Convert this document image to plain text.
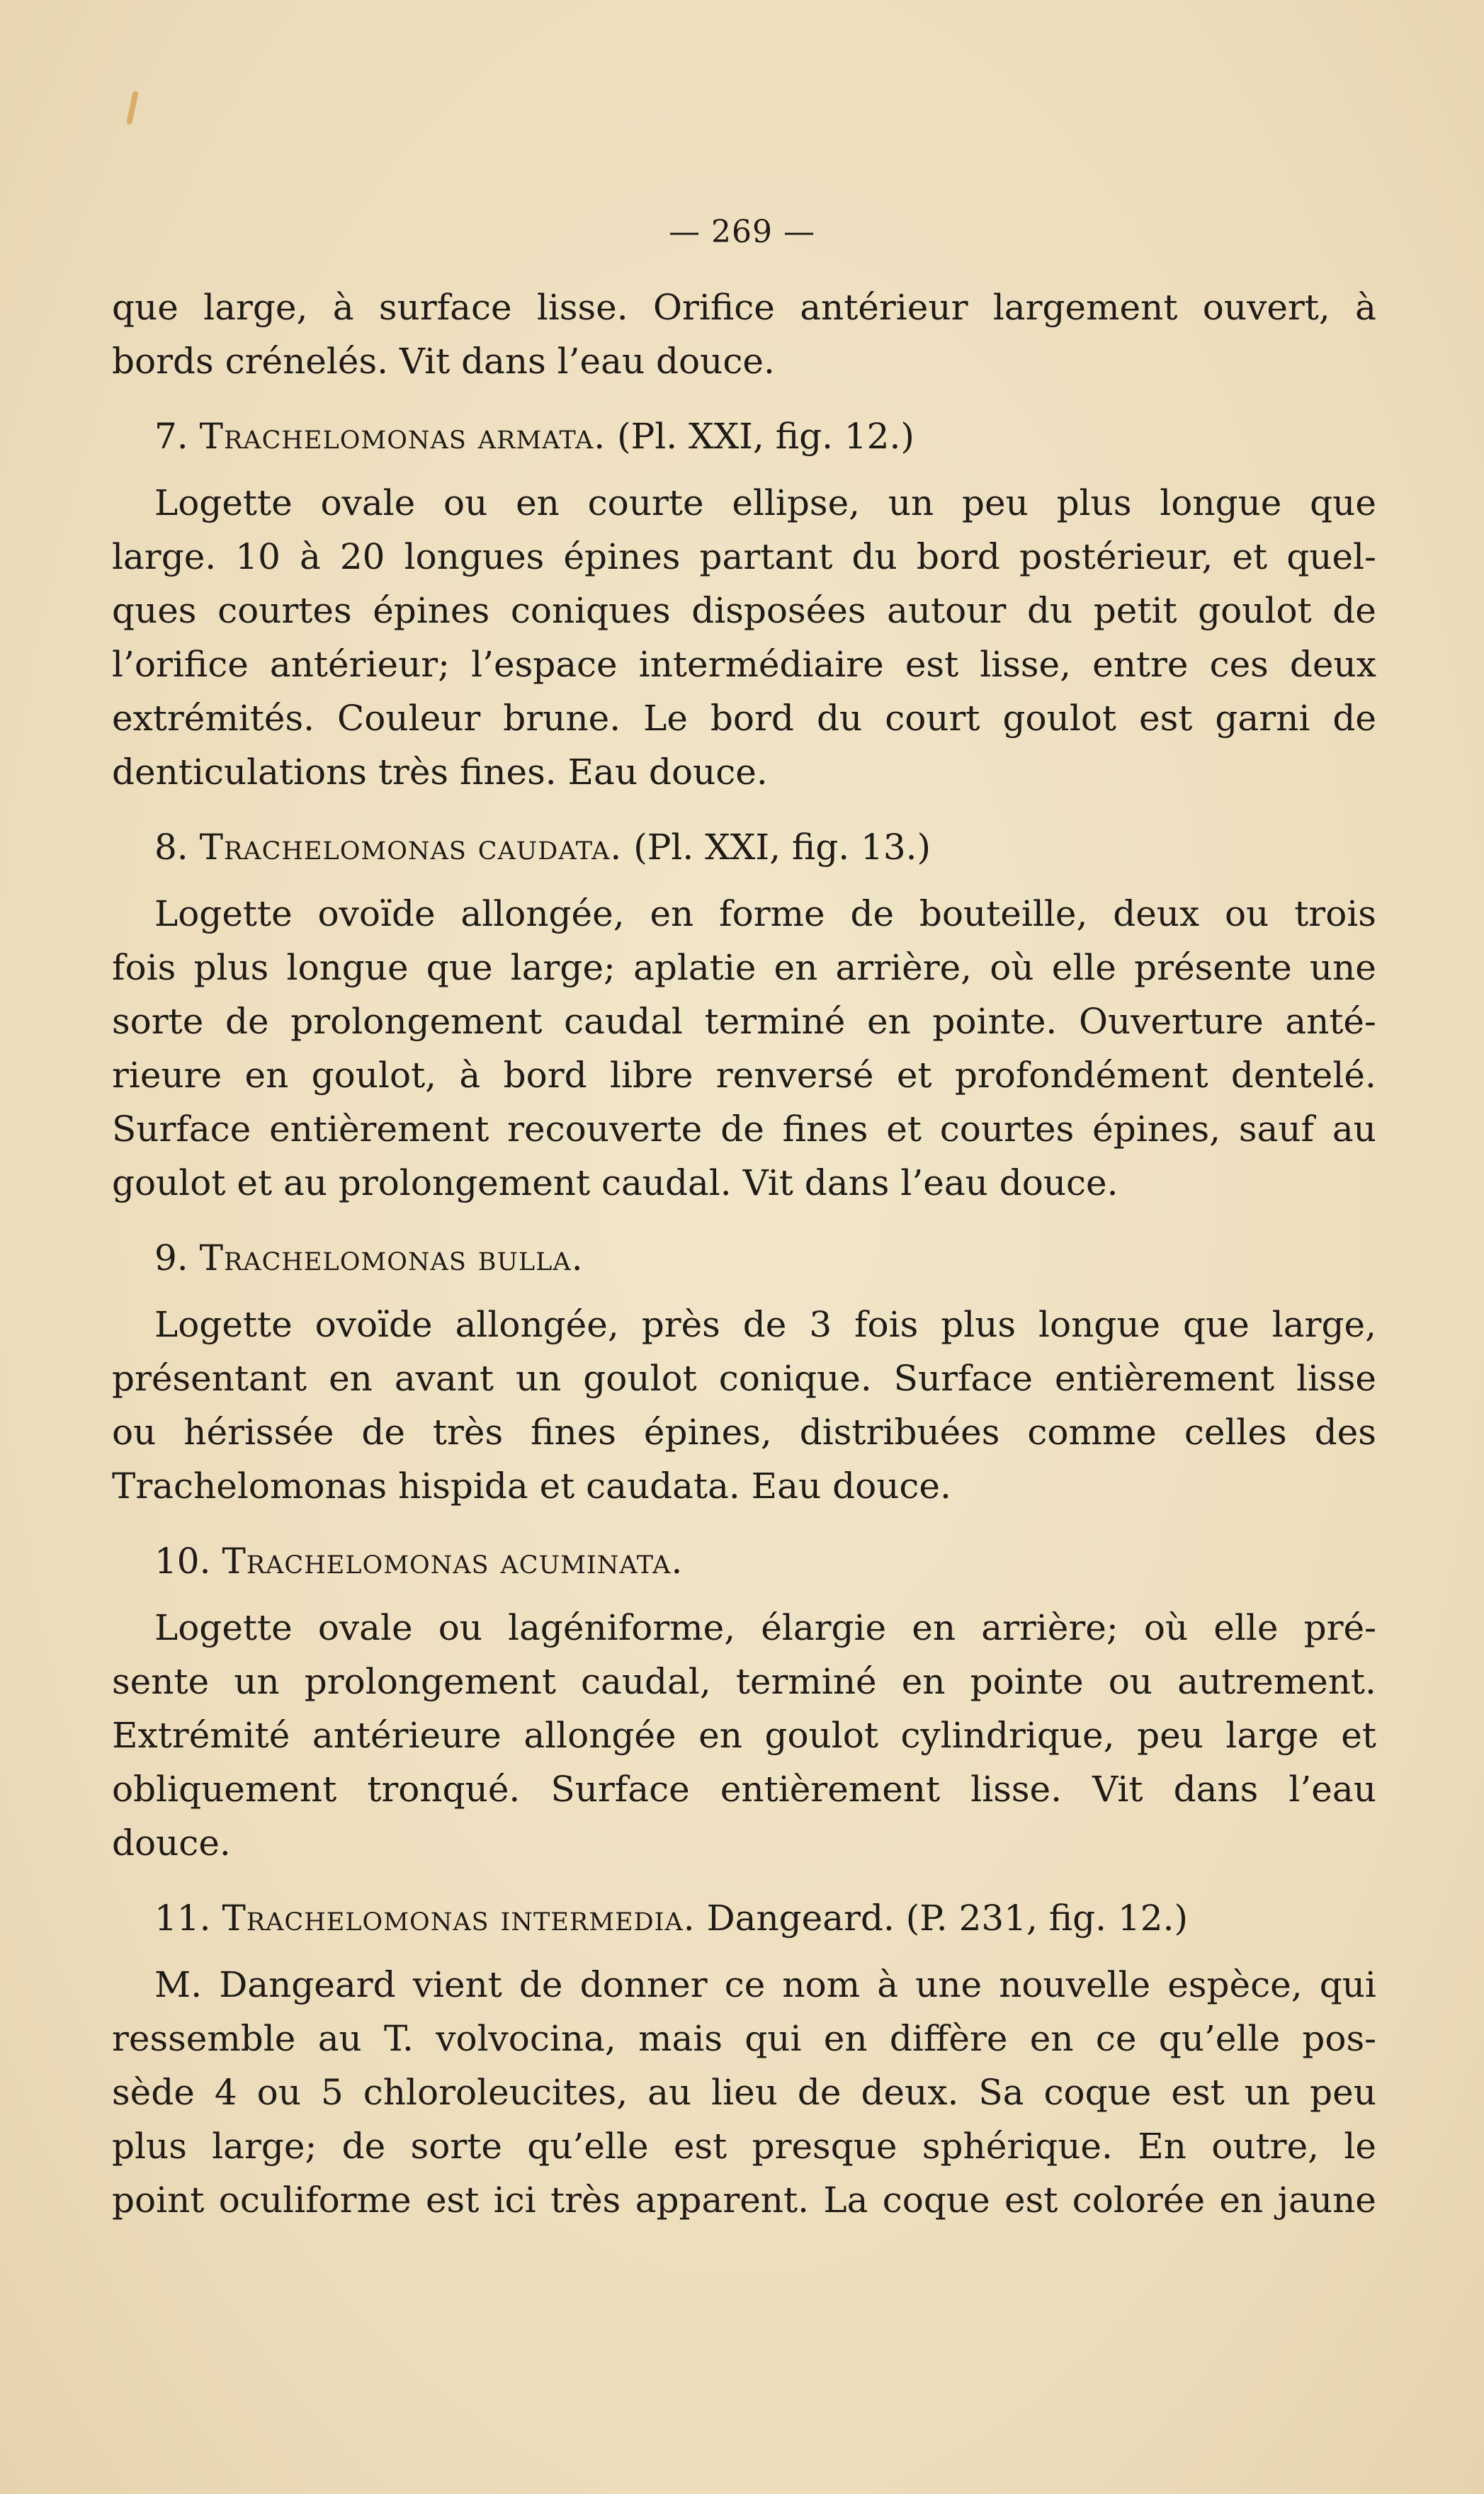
— 269 —
que large, à surface lisse. Orifice antérieur largement ouvert, à
bords crénelés. Vit dans l’eau douce.
7. Trachelomonas armata. (Pl. XXI, fig. 12.)
Logette ovale ou en courte ellipse, un peu plus longue que
large. 10 à 20 longues épines partant du bord postérieur, et quel-
ques courtes épines coniques disposées autour du petit goulot de
l’orifice antérieur; l’espace intermédiaire est lisse, entre ces deux
extrémités. Couleur brune. Le bord du court goulot est garni de
denticulations très fines. Eau douce.
8. Trachelomonas caudata. (Pl. XXI, fig. 13.)
Logette ovoïde allongée, en forme de bouteille, deux ou trois
fois plus longue que large; aplatie en arrière, où elle présente une
sorte de prolongement caudal terminé en pointe. Ouverture anté-
rieure en goulot, à bord libre renversé et profondément dentelé.
Surface entièrement recouverte de fines et courtes épines, sauf au
goulot et au prolongement caudal. Vit dans l’eau douce.
9. Trachelomonas bulla.
Logette ovoïde allongée, près de 3 fois plus longue que large,
présentant en avant un goulot conique. Surface entièrement lisse
ou hérissée de très fines épines, distribuées comme celles des
Trachelomonas hispida et caudata. Eau douce.
10. Trachelomonas acuminata.
Logette ovale ou lagéniforme, élargie en arrière; où elle pré-
sente un prolongement caudal, terminé en pointe ou autrement.
Extrémité antérieure allongée en goulot cylindrique, peu large et
obliquement tronqué. Surface entièrement lisse. Vit dans l’eau
douce.
11. Trachelomonas intermedia. Dangeard. (P. 231, fig. 12.)
M. Dangeard vient de donner ce nom à une nouvelle espèce, qui
ressemble au T. volvocina, mais qui en diffère en ce qu’elle pos-
sède 4 ou 5 chloroleucites, au lieu de deux. Sa coque est un peu
plus large; de sorte qu’elle est presque sphérique. En outre, le
point oculiforme est ici très apparent. La coque est colorée en jaune
